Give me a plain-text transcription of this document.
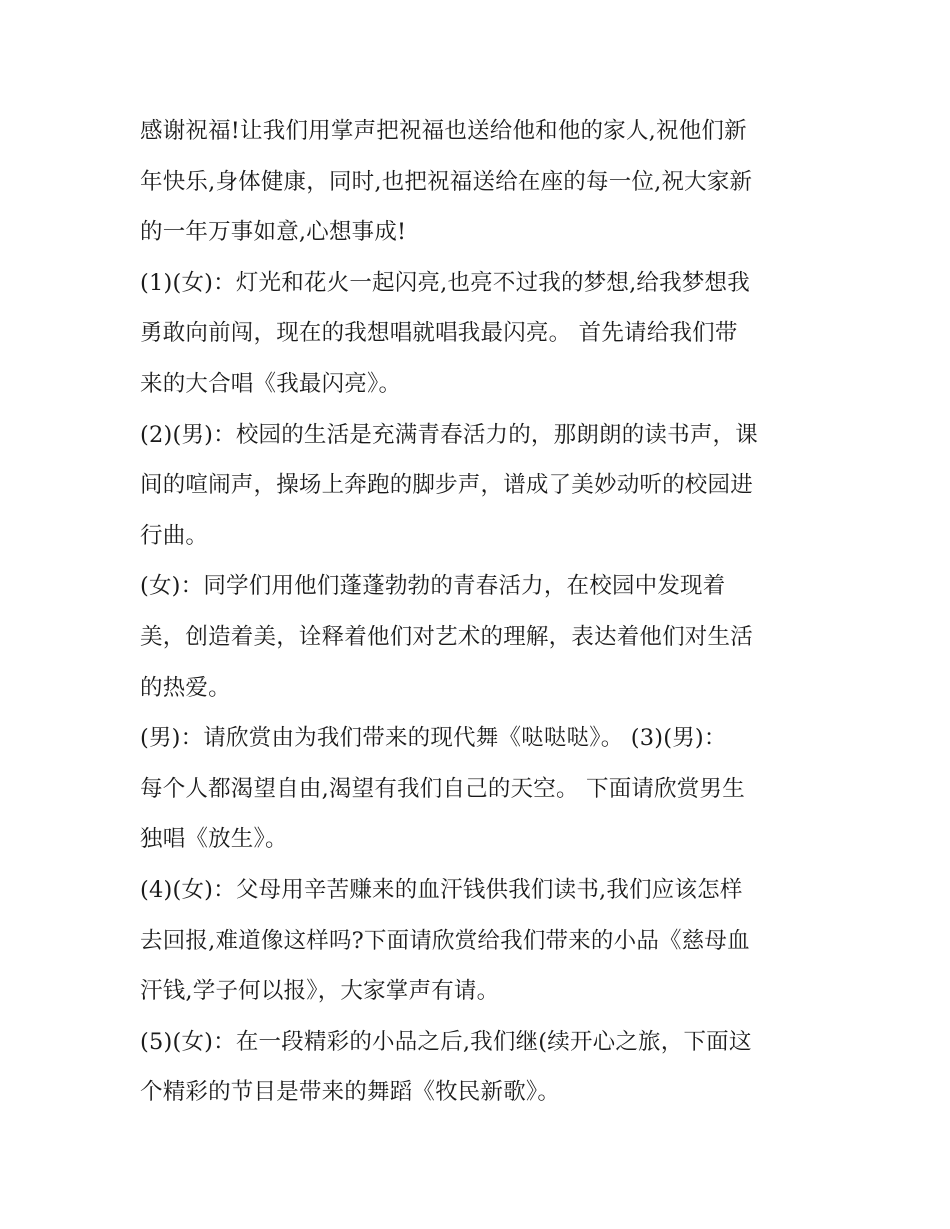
感谢祝福!让我们用掌声把祝福也送给他和他的家人,祝他们新
年快乐,身体健康，同时,也把祝福送给在座的每一位,祝大家新
的一年万事如意,心想事成!
(1)(女)：灯光和花火一起闪亮,也亮不过我的梦想,给我梦想我
勇敢向前闯，现在的我想唱就唱我最闪亮。 首先请给我们带
来的大合唱《我最闪亮》。
(2)(男)：校园的生活是充满青春活力的，那朗朗的读书声，课
间的喧闹声，操场上奔跑的脚步声，谱成了美妙动听的校园进
行曲。
(女)：同学们用他们蓬蓬勃勃的青春活力，在校园中发现着
美，创造着美，诠释着他们对艺术的理解，表达着他们对生活
的热爱。
(男)：请欣赏由为我们带来的现代舞《哒哒哒》。 (3)(男)：
每个人都渴望自由,渴望有我们自己的天空。 下面请欣赏男生
独唱《放生》。
(4)(女)：父母用辛苦赚来的血汗钱供我们读书,我们应该怎样
去回报,难道像这样吗?下面请欣赏给我们带来的小品《慈母血
汗钱,学子何以报》，大家掌声有请。
(5)(女)：在一段精彩的小品之后,我们继(续开心之旅，下面这
个精彩的节目是带来的舞蹈《牧民新歌》。
